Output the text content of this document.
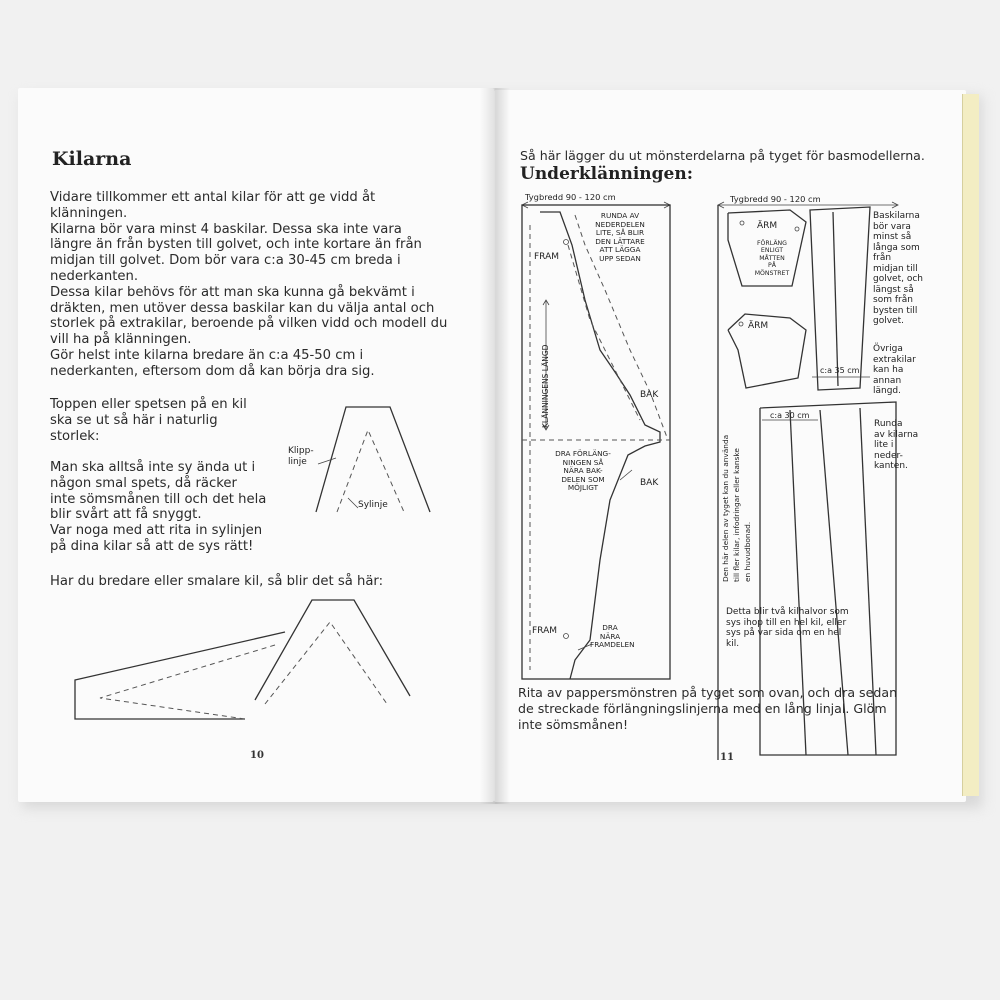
Kilarna
Vidare tillkommer ett antal kilar för att ge vidd åt
klänningen.
Kilarna bör vara minst 4 baskilar. Dessa ska inte vara
längre än från bysten till golvet, och inte kortare än från
midjan till golvet. Dom bör vara c:a 30-45 cm breda i
nederkanten.
Dessa kilar behövs för att man ska kunna gå bekvämt i
dräkten, men utöver dessa baskilar kan du välja antal och
storlek på extrakilar, beroende på vilken vidd och modell du
vill ha på klänningen.
Gör helst inte kilarna bredare än c:a 45-50 cm i
nederkanten, eftersom dom då kan börja dra sig.
Toppen eller spetsen på en kil
ska se ut så här i naturlig
storlek:
Man ska alltså inte sy ända ut i
någon smal spets, då räcker
inte sömsmånen till och det hela
blir svårt att få snyggt.
Var noga med att rita in sylinjen
på dina kilar så att de sys rätt!
Har du bredare eller smalare kil, så blir det så här:
Klipp-
linje
Sylinje
10
Så här lägger du ut mönsterdelarna på tyget för basmodellerna.
Underklänningen:
Tygbredd 90 - 120 cm
FRAM
KLÄNNINGENS LÄNGD
RUNDA AV
NEDERDELEN
LITE, SÅ BLIR
DEN LÄTTARE
ATT LÄGGA
UPP SEDAN
BAK
DRA FÖRLÄNG-
NINGEN SÅ
NÄRA BAK-
DELEN SOM
MÖJLIGT	BAK
FRAM	DRA
NÄRA
FRAMDELEN
Tygbredd 90 - 120 cm
ÄRM
FÖRLÄNG
ENLIGT
MÅTTEN
PÅ
MÖNSTRET
ÄRM
c:a 35 cm
c:a 30 cm
Den här delen av tyget kan du använda
till fler kilar, infodringar eller kanske
en huvudbonad.
Baskilarna
bör vara
minst så
långa som
från
midjan till
golvet, och
längst så
som från
bysten till
golvet.
Övriga
extrakilar
kan ha
annan
längd.
Runda
av kilarna
lite i
neder-
kanten.
Detta blir två kilhalvor som
sys ihop till en hel kil, eller
sys på var sida om en hel
kil.
Rita av pappersmönstren på tyget som ovan, och dra sedan
de streckade förlängningslinjerna med en lång linjal. Glöm
inte sömsmånen!
11
